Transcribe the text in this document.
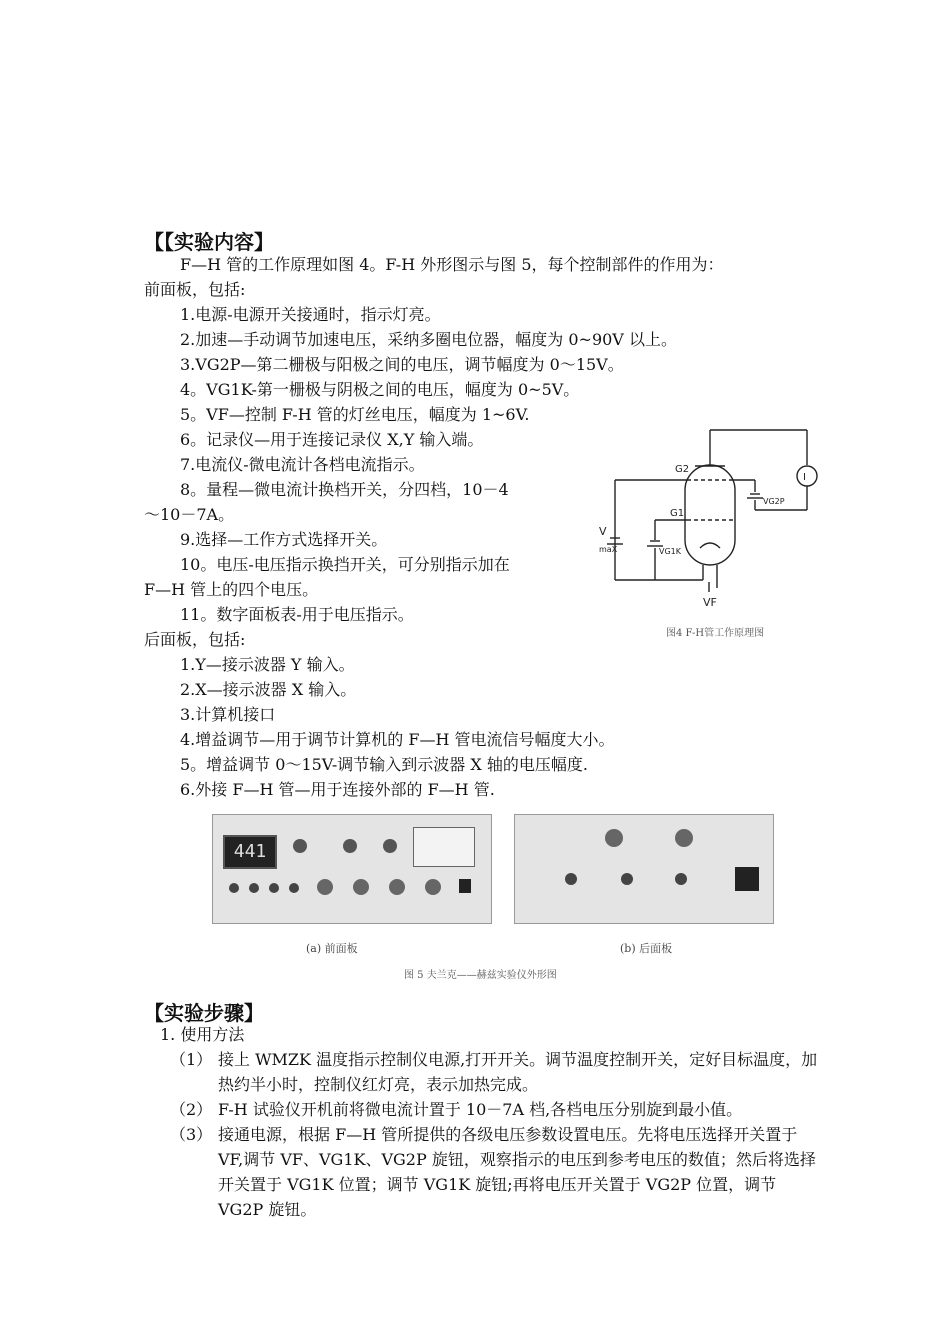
【【实验内容】
F—H 管的工作原理如图 4。F-H 外形图示与图 5，每个控制部件的作用为：
前面板，包括:
1.电源-电源开关接通时，指示灯亮。
2.加速—手动调节加速电压，采纳多圈电位器，幅度为 0~90V 以上。
3.VG2P—第二栅极与阳极之间的电压，调节幅度为 0～15V。
4。VG1K-第一栅极与阴极之间的电压，幅度为 0~5V。
5。VF—控制 F-H 管的灯丝电压，幅度为 1~6V.
6。记录仪—用于连接记录仪 X,Y 输入端。
7.电流仪-微电流计各档电流指示。
8。量程—微电流计换档开关，分四档，10－4
～10－7A。
9.选择—工作方式选择开关。
10。电压-电压指示换挡开关，可分别指示加在
F—H 管上的四个电压。
11。数字面板表-用于电压指示。
后面板，包括:
1.Y—接示波器 Y 输入。
2.X—接示波器 X 输入。
3.计算机接口
4.增益调节—用于调节计算机的 F—H 管电流信号幅度大小。
5。增益调节 0～15V-调节输入到示波器 X 轴的电压幅度.
6.外接 F—H 管—用于连接外部的 F—H 管.
G2
G1
V
maX	VG1K
VG2P
VF
I
图4 F-H管工作原理图
441
(a) 前面板	(b) 后面板
图 5 夫兰克——赫兹实验仪外形图
【实验步骤】
1. 使用方法
（1） 接上 WMZK 温度指示控制仪电源,打开开关。调节温度控制开关，定好目标温度，加热约半小时，控制仪红灯亮，表示加热完成。
（2） F-H 试验仪开机前将微电流计置于 10－7A 档,各档电压分别旋到最小值。
（3） 接通电源，根据 F—H 管所提供的各级电压参数设置电压。先将电压选择开关置于 VF,调节 VF、VG1K、VG2P 旋钮，观察指示的电压到参考电压的数值；然后将选择开关置于 VG1K 位置；调节 VG1K 旋钮;再将电压开关置于 VG2P 位置，调节 VG2P 旋钮。
